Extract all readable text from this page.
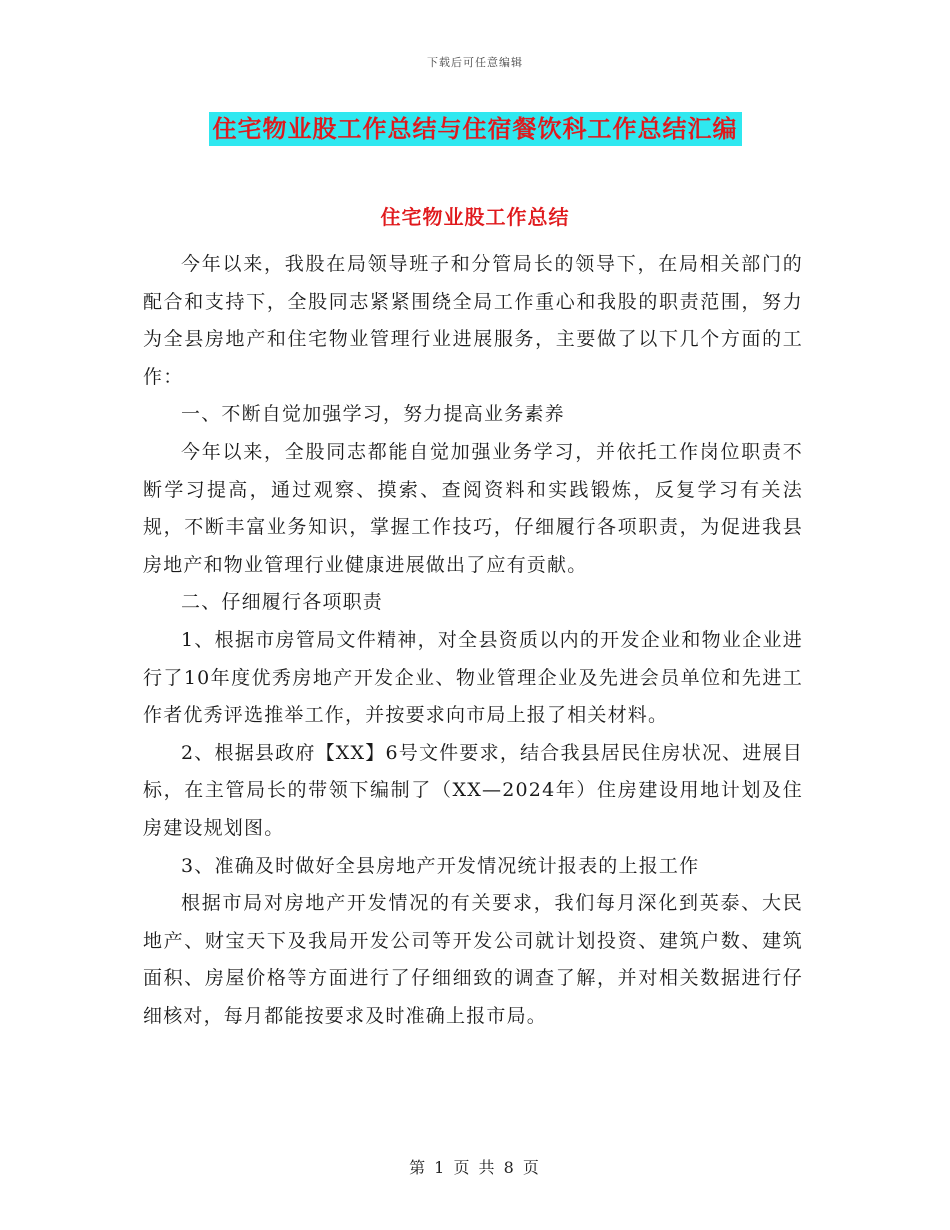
下载后可任意编辑
住宅物业股工作总结与住宿餐饮科工作总结汇编
住宅物业股工作总结

今年以来，我股在局领导班子和分管局长的领导下，在局相关部门的配合和支持下，全股同志紧紧围绕全局工作重心和我股的职责范围，努力为全县房地产和住宅物业管理行业进展服务，主要做了以下几个方面的工作：

一、不断自觉加强学习，努力提高业务素养

今年以来，全股同志都能自觉加强业务学习，并依托工作岗位职责不断学习提高，通过观察、摸索、查阅资料和实践锻炼，反复学习有关法规，不断丰富业务知识，掌握工作技巧，仔细履行各项职责，为促进我县房地产和物业管理行业健康进展做出了应有贡献。

二、仔细履行各项职责

1、根据市房管局文件精神，对全县资质以内的开发企业和物业企业进行了10年度优秀房地产开发企业、物业管理企业及先进会员单位和先进工作者优秀评选推举工作，并按要求向市局上报了相关材料。

2、根据县政府【XX】6号文件要求，结合我县居民住房状况、进展目标，在主管局长的带领下编制了（XX—2024年）住房建设用地计划及住房建设规划图。

3、准确及时做好全县房地产开发情况统计报表的上报工作

根据市局对房地产开发情况的有关要求，我们每月深化到英泰、大民地产、财宝天下及我局开发公司等开发公司就计划投资、建筑户数、建筑面积、房屋价格等方面进行了仔细细致的调查了解，并对相关数据进行仔细核对，每月都能按要求及时准确上报市局。

第 1 页 共 8 页
